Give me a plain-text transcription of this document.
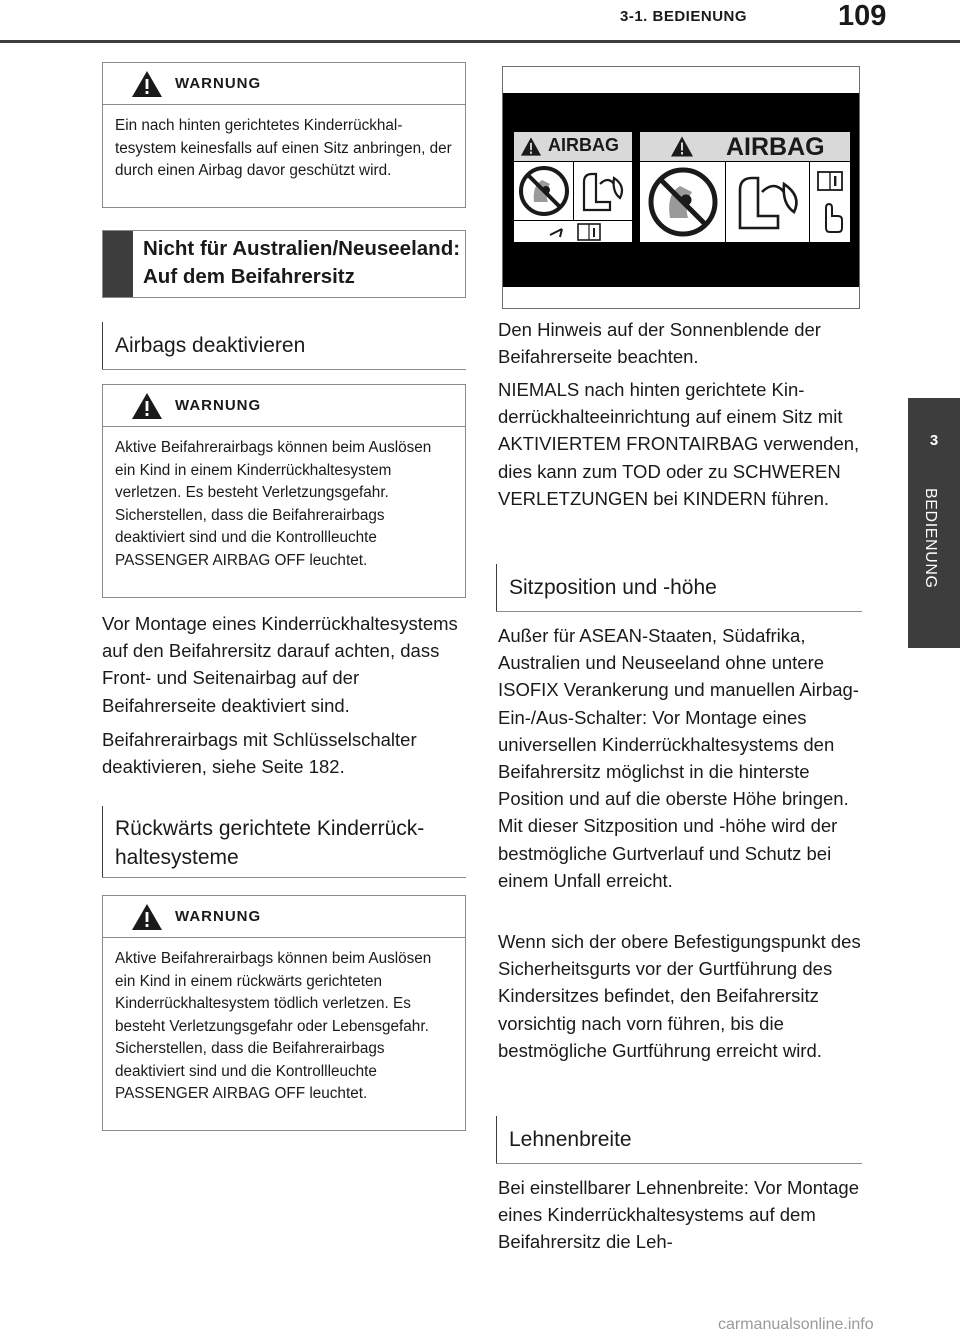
3-1. BEDIENUNG	109
3
BEDIENUNG
WARNUNG
Ein nach hinten gerichtetes Kinderrückhaltesystem keinesfalls auf einen Sitz anbringen, der durch einen Airbag davor geschützt wird.
Nicht für Australien/Neuseeland: Auf dem Beifahrersitz
Airbags deaktivieren
WARNUNG
Aktive Beifahrerairbags können beim Auslösen ein Kind in einem Kinderrückhaltesystem verletzen. Es besteht Verletzungsgefahr. Sicherstellen, dass die Beifahrerairbags deaktiviert sind und die Kontrollleuchte PASSENGER AIRBAG OFF leuchtet.
Vor Montage eines Kinderrückhaltesystems auf den Beifahrersitz darauf achten, dass Front- und Seitenairbag auf der Beifahrerseite deaktiviert sind.
Beifahrerairbags mit Schlüsselschalter deaktivieren, siehe Seite 182.
Rückwärts gerichtete Kinderrückhaltesysteme
WARNUNG
Aktive Beifahrerairbags können beim Auslösen ein Kind in einem rückwärts gerichteten Kinderrückhaltesystem tödlich verletzen. Es besteht Verletzungsgefahr oder Lebensgefahr. Sicherstellen, dass die Beifahrerairbags deaktiviert sind und die Kontrollleuchte PASSENGER AIRBAG OFF leuchtet.
AIRBAG	AIRBAG
Den Hinweis auf der Sonnenblende der Beifahrerseite beachten.
NIEMALS nach hinten gerichtete Kinderrückhalteeinrichtung auf einem Sitz mit AKTIVIERTEM FRONTAIRBAG verwenden, dies kann zum TOD oder zu SCHWEREN VERLETZUNGEN bei KINDERN führen.
Sitzposition und -höhe
Außer für ASEAN-Staaten, Südafrika, Australien und Neuseeland ohne untere ISOFIX Verankerung und manuellen Airbag-Ein-/Aus-Schalter: Vor Montage eines universellen Kinderrückhaltesystems den Beifahrersitz möglichst in die hinterste Position und auf die oberste Höhe bringen. Mit dieser Sitzposition und -höhe wird der bestmögliche Gurtverlauf und Schutz bei einem Unfall erreicht.
Wenn sich der obere Befestigungspunkt des Sicherheitsgurts vor der Gurtführung des Kindersitzes befindet, den Beifahrersitz vorsichtig nach vorn führen, bis die bestmögliche Gurtführung erreicht wird.
Lehnenbreite
Bei einstellbarer Lehnenbreite: Vor Montage eines Kinderrückhaltesystems auf dem Beifahrersitz die Leh-
carmanualsonline.info
